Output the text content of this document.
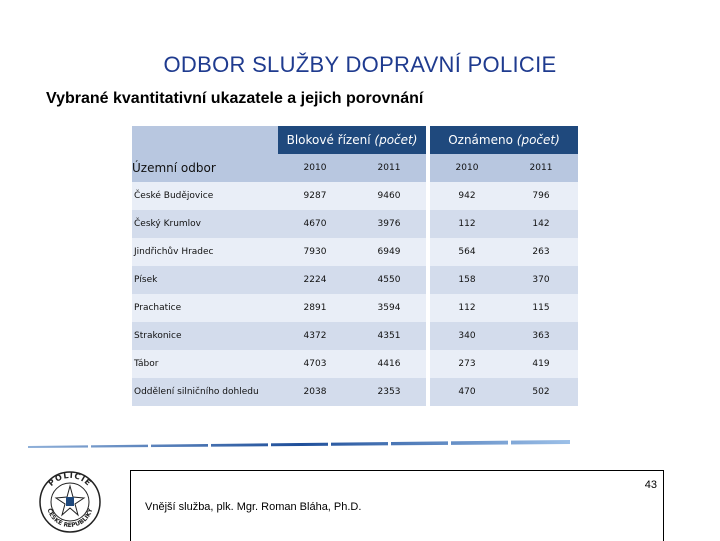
ODBOR SLUŽBY DOPRAVNÍ POLICIE
Vybrané kvantitativní ukazatele a jejich porovnání
	Blokové řízení (počet)			Oznámeno (počet)	
Územní odbor	2010	2011		2010	2011
České Budějovice	9287	9460		942	796
Český Krumlov	4670	3976		112	142
Jindřichův Hradec	7930	6949		564	263
Písek	2224	4550		158	370
Prachatice	2891	3594		112	115
Strakonice	4372	4351		340	363
Tábor	4703	4416		273	419
Oddělení silničního dohledu	2038	2353		470	502
POLICIE
ČESKÉ REPUBLIKY
43
Vnější služba, plk. Mgr. Roman Bláha, Ph.D.
